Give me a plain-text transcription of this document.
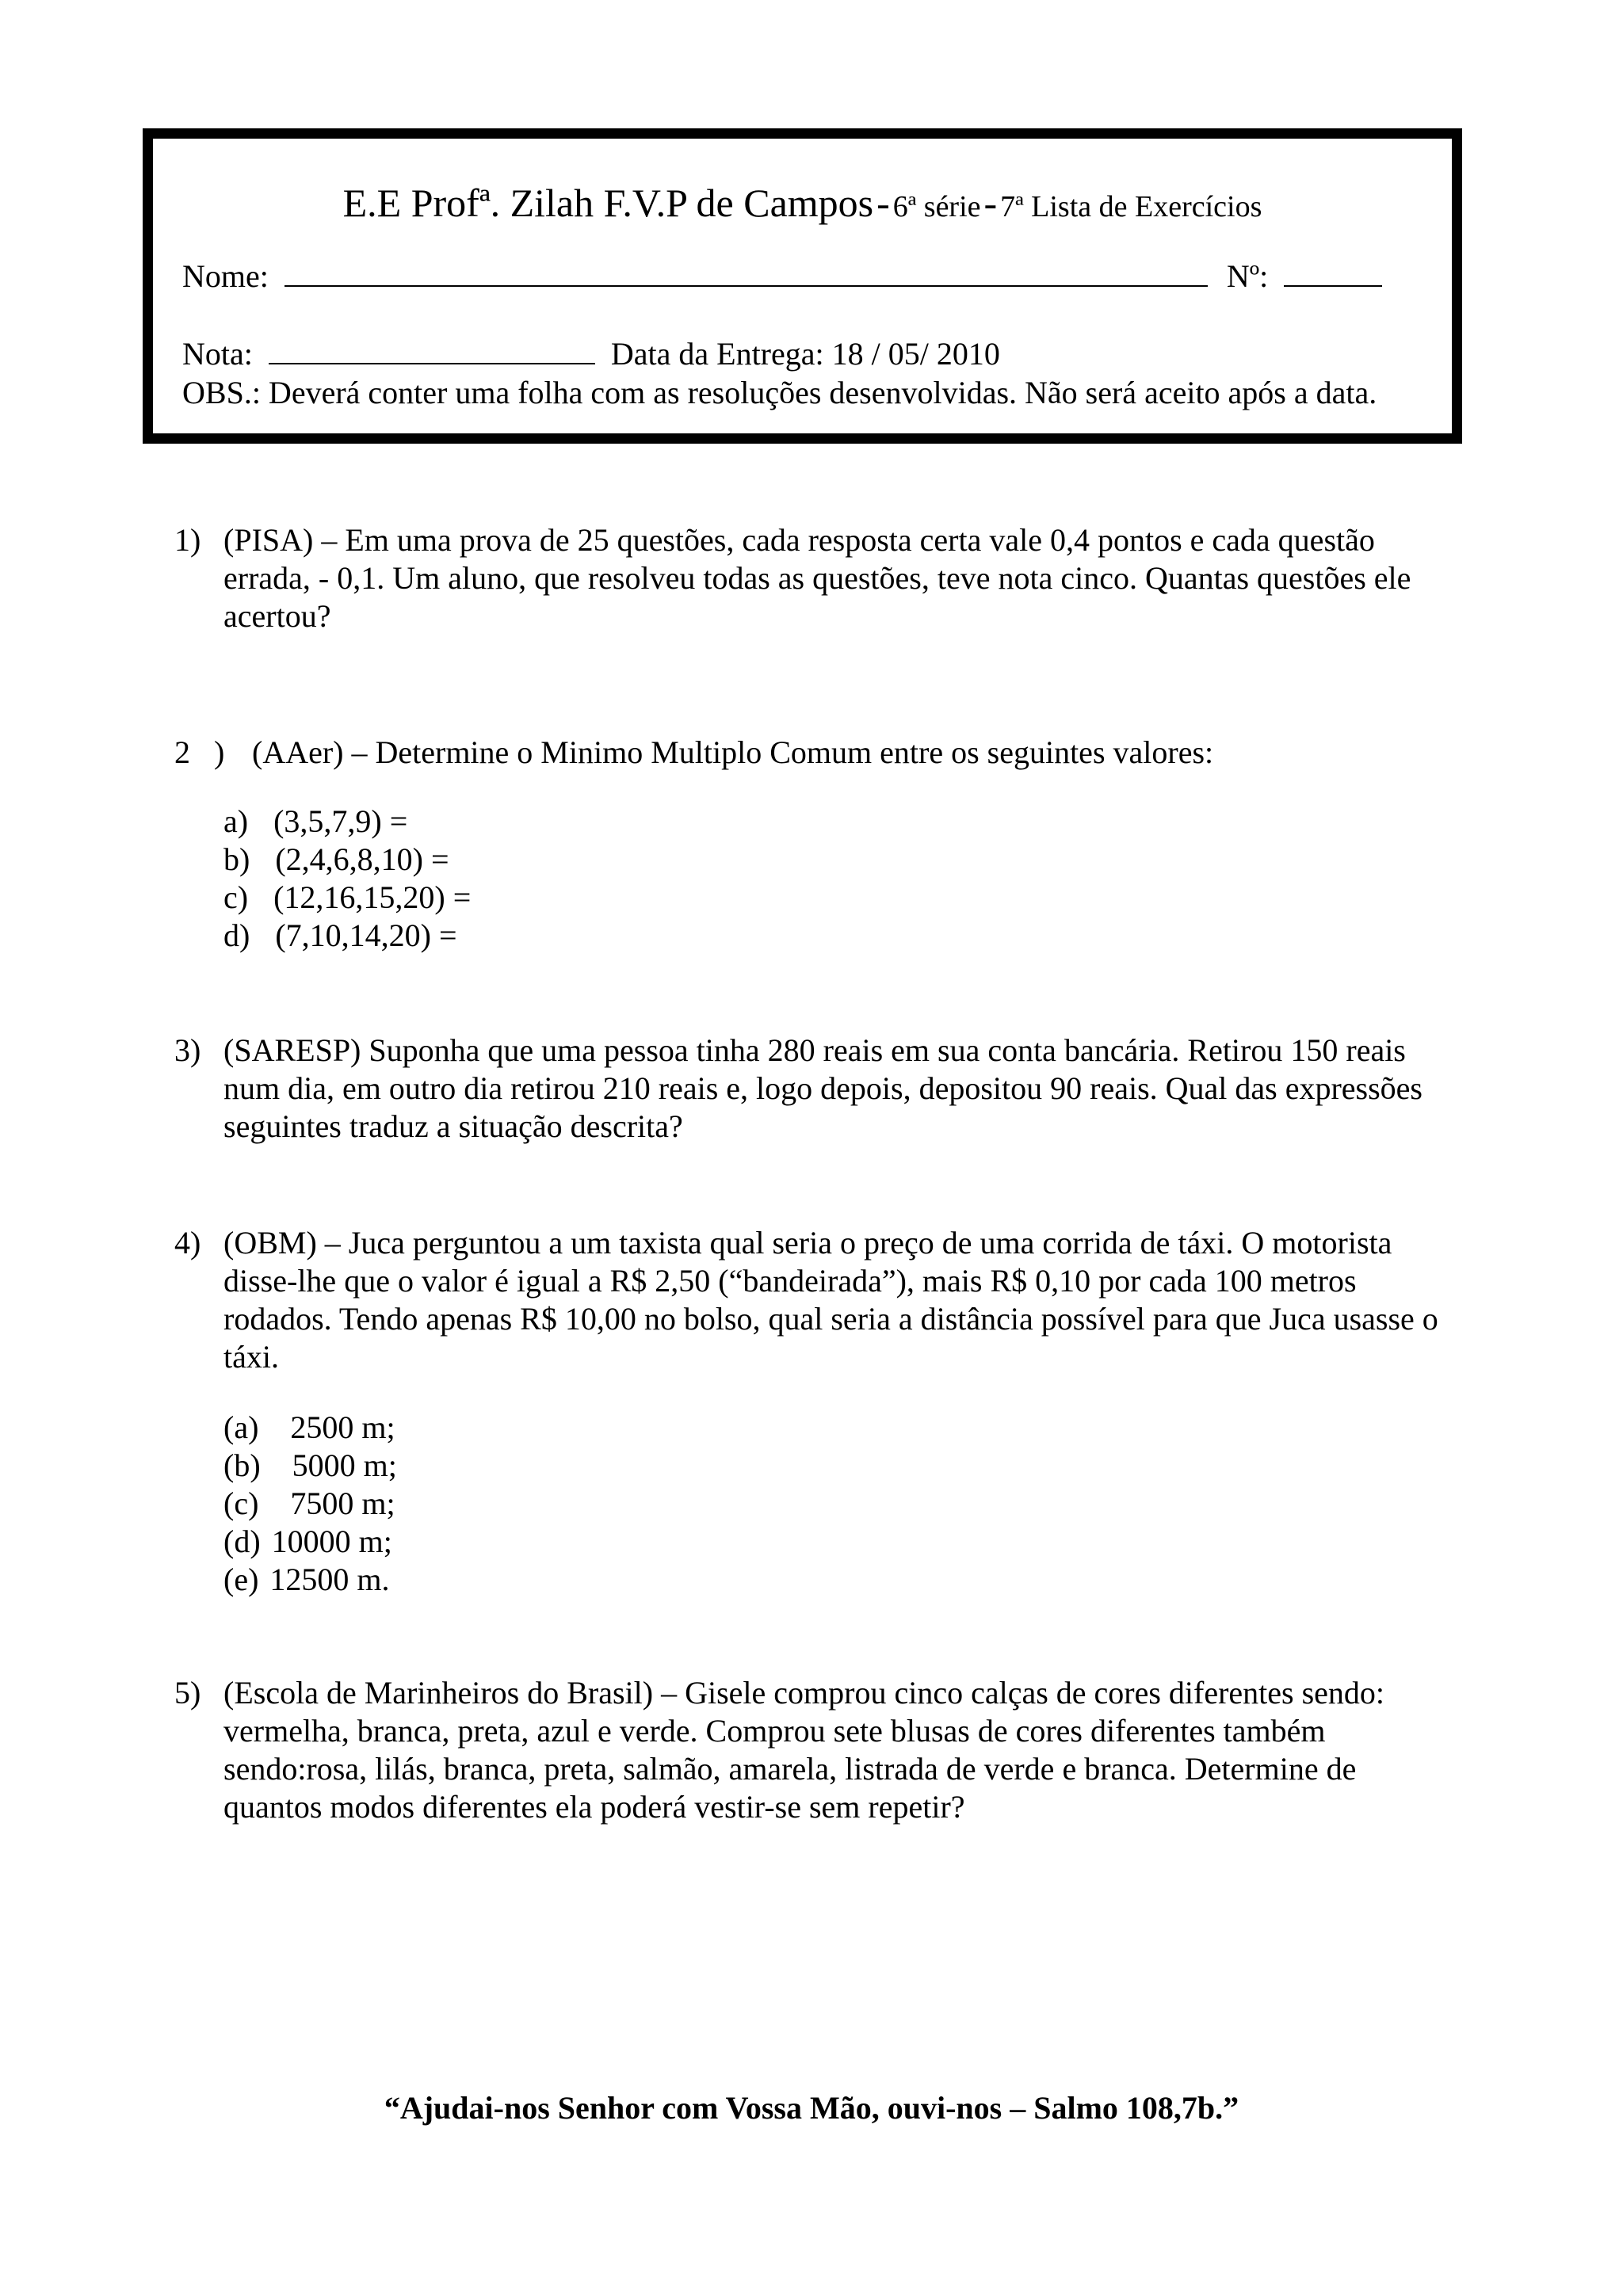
E.E Profª. Zilah F.V.P de Campos - 6ª série - 7ª Lista de Exercícios
Nome:	Nº:
Nota:	Data da Entrega: 18 / 05/ 2010
OBS.: Deverá conter uma folha com as resoluções desenvolvidas. Não será aceito após a data.
1) (PISA) – Em uma prova de 25 questões, cada resposta certa vale 0,4 pontos e cada questão errada, - 0,1. Um aluno, que resolveu todas as questões, teve nota cinco. Quantas questões ele acertou?
2   ) (AAer) – Determine o Minimo Multiplo Comum entre os seguintes valores:
a) (3,5,7,9) =
b) (2,4,6,8,10) =
c) (12,16,15,20) =
d) (7,10,14,20) =
3) (SARESP) Suponha que uma pessoa tinha 280 reais em sua conta bancária. Retirou 150 reais num dia, em outro dia retirou 210 reais e, logo depois, depositou 90 reais. Qual das expressões seguintes traduz a situação descrita?
4) (OBM) – Juca perguntou a um taxista qual seria o preço de uma corrida de táxi. O motorista disse-lhe que o valor é igual a R$ 2,50 (“bandeirada”), mais R$ 0,10 por cada 100 metros rodados. Tendo apenas R$ 10,00 no bolso, qual seria a distância possível para que Juca usasse o táxi.
(a) 2500 m;
(b) 5000 m;
(c) 7500 m;
(d) 10000 m;
(e) 12500 m.
5) (Escola de Marinheiros do Brasil) – Gisele comprou cinco calças de cores diferentes sendo: vermelha, branca, preta, azul e verde. Comprou sete blusas de cores diferentes também sendo:rosa, lilás, branca, preta, salmão, amarela, listrada de verde e branca. Determine de quantos modos diferentes ela poderá vestir-se sem repetir?
“Ajudai-nos Senhor com Vossa Mão, ouvi-nos – Salmo 108,7b.”
